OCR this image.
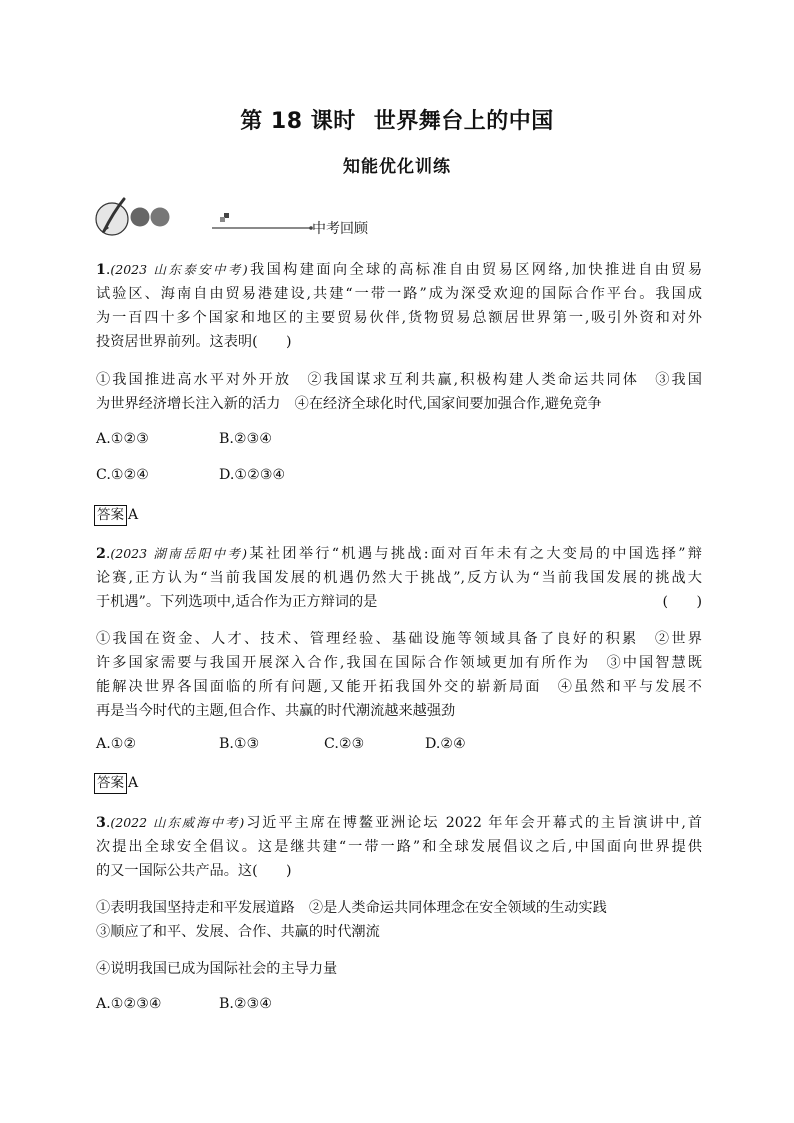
第 18 课时 世界舞台上的中国
知能优化训练
中考回顾
1.(2023 山东泰安中考)我国构建面向全球的高标准自由贸易区网络,加快推进自由贸易
试验区、海南自由贸易港建设,共建“一带一路”成为深受欢迎的国际合作平台。我国成
为一百四十多个国家和地区的主要贸易伙伴,货物贸易总额居世界第一,吸引外资和对外
投资居世界前列。这表明(　　)
①我国推进高水平对外开放　②我国谋求互利共赢,积极构建人类命运共同体　③我国
为世界经济增长注入新的活力　④在经济全球化时代,国家间要加强合作,避免竞争
A.①②③	B.②③④
C.①②④	D.①②③④
答案 A
2.(2023 湖南岳阳中考)某社团举行“机遇与挑战:面对百年未有之大变局的中国选择”辩
论赛,正方认为“当前我国发展的机遇仍然大于挑战”,反方认为“当前我国发展的挑战大
于机遇”。下列选项中,适合作为正方辩词的是	(　　)
①我国在资金、人才、技术、管理经验、基础设施等领域具备了良好的积累　②世界
许多国家需要与我国开展深入合作,我国在国际合作领域更加有所作为　③中国智慧既
能解决世界各国面临的所有问题,又能开拓我国外交的崭新局面　④虽然和平与发展不
再是当今时代的主题,但合作、共赢的时代潮流越来越强劲
A.①②	B.①③	C.②③	D.②④
答案 A
3.(2022 山东威海中考)习近平主席在博鳌亚洲论坛 2022 年年会开幕式的主旨演讲中,首
次提出全球安全倡议。这是继共建“一带一路”和全球发展倡议之后,中国面向世界提供
的又一国际公共产品。这(　　)
①表明我国坚持走和平发展道路　②是人类命运共同体理念在安全领域的生动实践
③顺应了和平、发展、合作、共赢的时代潮流
④说明我国已成为国际社会的主导力量
A.①②③④	B.②③④
